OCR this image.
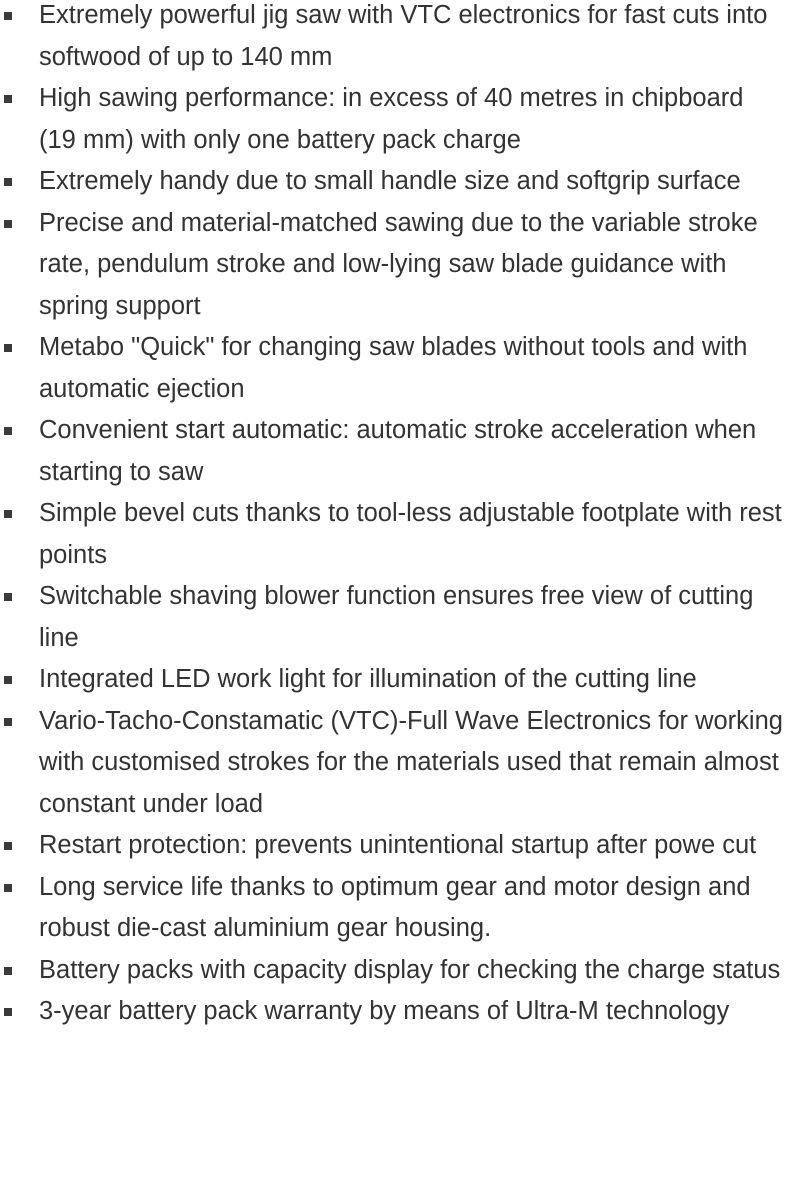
Extremely powerful jig saw with VTC electronics for fast cuts into softwood of up to 140 mm
High sawing performance: in excess of 40 metres in chipboard (19 mm) with only one battery pack charge
Extremely handy due to small handle size and softgrip surface
Precise and material-matched sawing due to the variable stroke rate, pendulum stroke and low-lying saw blade guidance with spring support
Metabo "Quick" for changing saw blades without tools and with automatic ejection
Convenient start automatic: automatic stroke acceleration when starting to saw
Simple bevel cuts thanks to tool-less adjustable footplate with rest points
Switchable shaving blower function ensures free view of cutting line
Integrated LED work light for illumination of the cutting line
Vario-Tacho-Constamatic (VTC)-Full Wave Electronics for working with customised strokes for the materials used that remain almost constant under load
Restart protection: prevents unintentional startup after powe cut
Long service life thanks to optimum gear and motor design and robust die-cast aluminium gear housing.
Battery packs with capacity display for checking the charge status
3-year battery pack warranty by means of Ultra-M technology
